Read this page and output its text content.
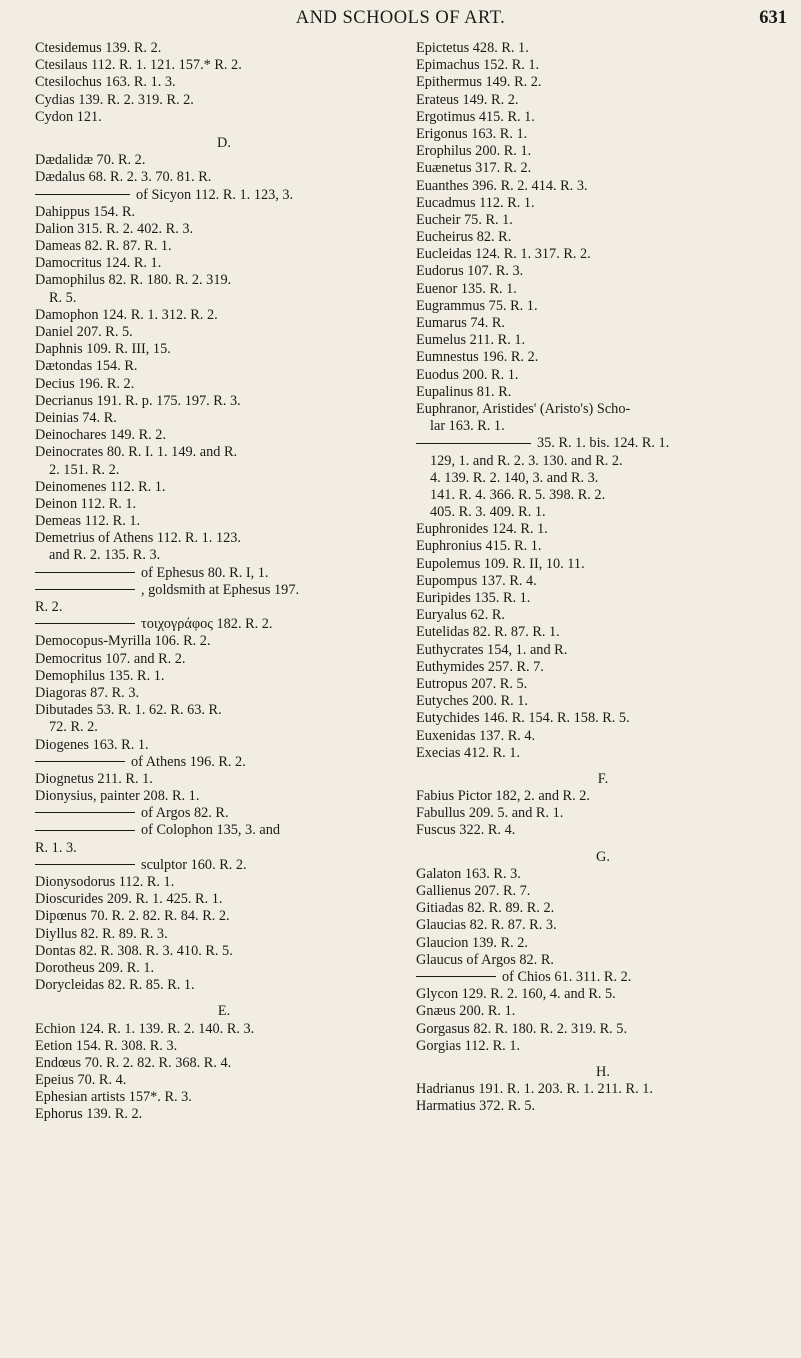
AND SCHOOLS OF ART.	631
Ctesidemus 139. R. 2.
Ctesilaus 112. R. 1. 121. 157.* R. 2.
Ctesilochus 163. R. 1. 3.
Cydias 139. R. 2. 319. R. 2.
Cydon 121.
D.
Dædalidæ 70. R. 2.
Dædalus 68. R. 2. 3. 70. 81. R.
of Sicyon 112. R. 1. 123, 3.
Dahippus 154. R.
Dalion 315. R. 2. 402. R. 3.
Dameas 82. R. 87. R. 1.
Damocritus 124. R. 1.
Damophilus 82. R. 180. R. 2. 319.
R. 5.
Damophon 124. R. 1. 312. R. 2.
Daniel 207. R. 5.
Daphnis 109. R. III, 15.
Dætondas 154. R.
Decius 196. R. 2.
Decrianus 191. R. p. 175. 197. R. 3.
Deinias 74. R.
Deinochares 149. R. 2.
Deinocrates 80. R. I. 1. 149. and R.
2. 151. R. 2.
Deinomenes 112. R. 1.
Deinon 112. R. 1.
Demeas 112. R. 1.
Demetrius of Athens 112. R. 1. 123.
and R. 2. 135. R. 3.
of Ephesus 80. R. I, 1.
, goldsmith at Ephesus 197.
R. 2.
τοιχογράφος 182. R. 2.
Democopus-Myrilla 106. R. 2.
Democritus 107. and R. 2.
Demophilus 135. R. 1.
Diagoras 87. R. 3.
Dibutades 53. R. 1. 62. R. 63. R.
72. R. 2.
Diogenes 163. R. 1.
of Athens 196. R. 2.
Diognetus 211. R. 1.
Dionysius, painter 208. R. 1.
of Argos 82. R.
of Colophon 135, 3. and
R. 1. 3.
sculptor 160. R. 2.
Dionysodorus 112. R. 1.
Dioscurides 209. R. 1. 425. R. 1.
Dipœnus 70. R. 2. 82. R. 84. R. 2.
Diyllus 82. R. 89. R. 3.
Dontas 82. R. 308. R. 3. 410. R. 5.
Dorotheus 209. R. 1.
Dorycleidas 82. R. 85. R. 1.
E.
Echion 124. R. 1. 139. R. 2. 140. R. 3.
Eetion 154. R. 308. R. 3.
Endœus 70. R. 2. 82. R. 368. R. 4.
Epeius 70. R. 4.
Ephesian artists 157*. R. 3.
Ephorus 139. R. 2.
Epictetus 428. R. 1.
Epimachus 152. R. 1.
Epithermus 149. R. 2.
Erateus 149. R. 2.
Ergotimus 415. R. 1.
Erigonus 163. R. 1.
Erophilus 200. R. 1.
Euænetus 317. R. 2.
Euanthes 396. R. 2. 414. R. 3.
Eucadmus 112. R. 1.
Eucheir 75. R. 1.
Eucheirus 82. R.
Eucleidas 124. R. 1. 317. R. 2.
Eudorus 107. R. 3.
Euenor 135. R. 1.
Eugrammus 75. R. 1.
Eumarus 74. R.
Eumelus 211. R. 1.
Eumnestus 196. R. 2.
Euodus 200. R. 1.
Eupalinus 81. R.
Euphranor, Aristides' (Aristo's) Scho-
lar 163. R. 1.
35. R. 1. bis. 124. R. 1.
129, 1. and R. 2. 3. 130. and R. 2.
4. 139. R. 2. 140, 3. and R. 3.
141. R. 4. 366. R. 5. 398. R. 2.
405. R. 3. 409. R. 1.
Euphronides 124. R. 1.
Euphronius 415. R. 1.
Eupolemus 109. R. II, 10. 11.
Eupompus 137. R. 4.
Euripides 135. R. 1.
Euryalus 62. R.
Eutelidas 82. R. 87. R. 1.
Euthycrates 154, 1. and R.
Euthymides 257. R. 7.
Eutropus 207. R. 5.
Eutyches 200. R. 1.
Eutychides 146. R. 154. R. 158. R. 5.
Euxenidas 137. R. 4.
Execias 412. R. 1.
F.
Fabius Pictor 182, 2. and R. 2.
Fabullus 209. 5. and R. 1.
Fuscus 322. R. 4.
G.
Galaton 163. R. 3.
Gallienus 207. R. 7.
Gitiadas 82. R. 89. R. 2.
Glaucias 82. R. 87. R. 3.
Glaucion 139. R. 2.
Glaucus of Argos 82. R.
of Chios 61. 311. R. 2.
Glycon 129. R. 2. 160, 4. and R. 5.
Gnæus 200. R. 1.
Gorgasus 82. R. 180. R. 2. 319. R. 5.
Gorgias 112. R. 1.
H.
Hadrianus 191. R. 1. 203. R. 1. 211. R. 1.
Harmatius 372. R. 5.
